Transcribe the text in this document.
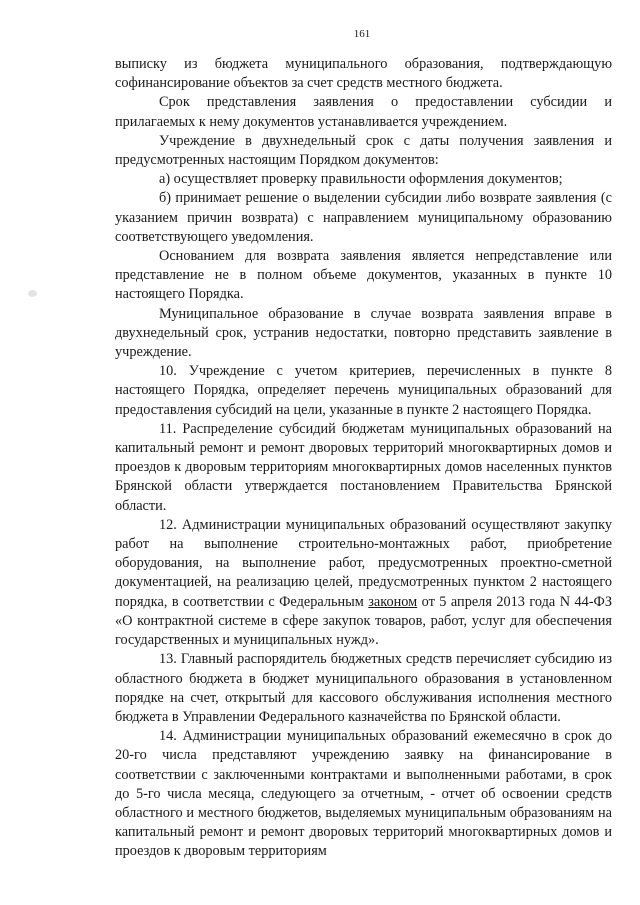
161

выписку из бюджета муниципального образования, подтверждающую софинансирование объектов за счет средств местного бюджета.

Срок представления заявления о предоставлении субсидии и прилагаемых к нему документов устанавливается учреждением.

Учреждение в двухнедельный срок с даты получения заявления и предусмотренных настоящим Порядком документов:

а) осуществляет проверку правильности оформления документов;

б) принимает решение о выделении субсидии либо возврате заявления (с указанием причин возврата) с направлением муниципальному образованию соответствующего уведомления.

Основанием для возврата заявления является непредставление или представление не в полном объеме документов, указанных в пункте 10 настоящего Порядка.

Муниципальное образование в случае возврата заявления вправе в двухнедельный срок, устранив недостатки, повторно представить заявление в учреждение.

10. Учреждение с учетом критериев, перечисленных в пункте 8 настоящего Порядка, определяет перечень муниципальных образований для предоставления субсидий на цели, указанные в пункте 2 настоящего Порядка.

11. Распределение субсидий бюджетам муниципальных образований на капитальный ремонт и ремонт дворовых территорий многоквартирных домов и проездов к дворовым территориям многоквартирных домов населенных пунктов Брянской области утверждается постановлением Правительства Брянской области.

12. Администрации муниципальных образований осуществляют закупку работ на выполнение строительно-монтажных работ, приобретение оборудования, на выполнение работ, предусмотренных проектно-сметной документацией, на реализацию целей, предусмотренных пунктом 2 настоящего порядка, в соответствии с Федеральным законом от 5 апреля 2013 года N 44-ФЗ «О контрактной системе в сфере закупок товаров, работ, услуг для обеспечения государственных и муниципальных нужд».

13. Главный распорядитель бюджетных средств перечисляет субсидию из областного бюджета в бюджет муниципального образования в установленном порядке на счет, открытый для кассового обслуживания исполнения местного бюджета в Управлении Федерального казначейства по Брянской области.

14. Администрации муниципальных образований ежемесячно в срок до 20-го числа представляют учреждению заявку на финансирование в соответствии с заключенными контрактами и выполненными работами, в срок до 5-го числа месяца, следующего за отчетным, - отчет об освоении средств областного и местного бюджетов, выделяемых муниципальным образованиям на капитальный ремонт и ремонт дворовых территорий многоквартирных домов и проездов к дворовым территориям
